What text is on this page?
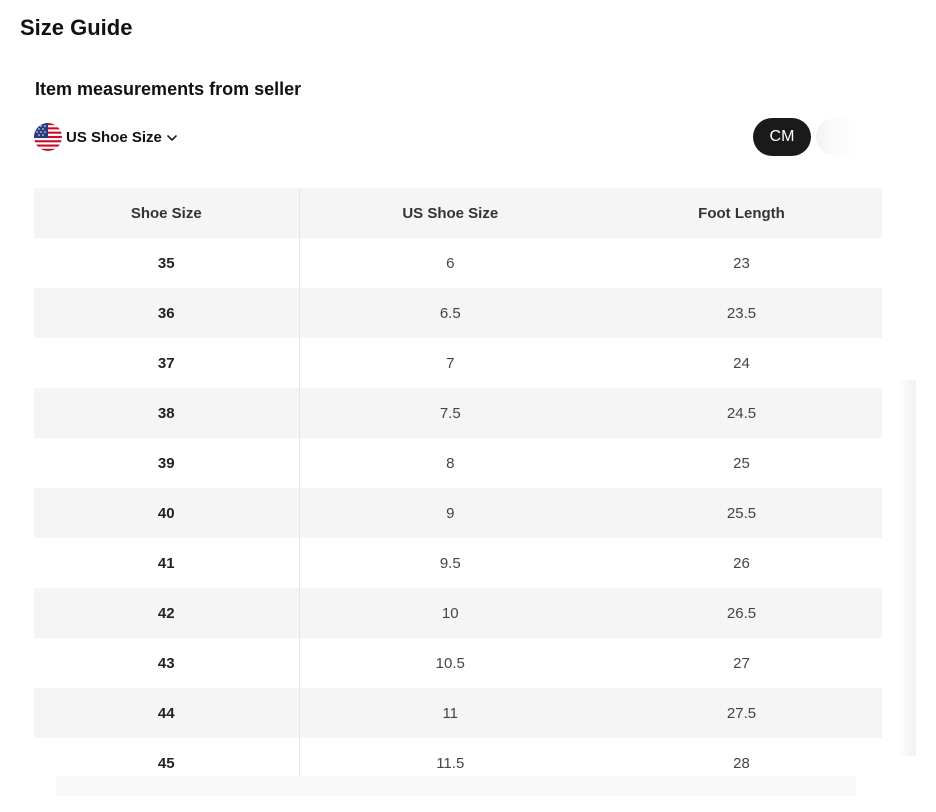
Size Guide
Item measurements from seller
US Shoe Size	CM
Shoe Size	US Shoe Size	Foot Length
35	6	23
36	6.5	23.5
37	7	24
38	7.5	24.5
39	8	25
40	9	25.5
41	9.5	26
42	10	26.5
43	10.5	27
44	11	27.5
45	11.5	28
